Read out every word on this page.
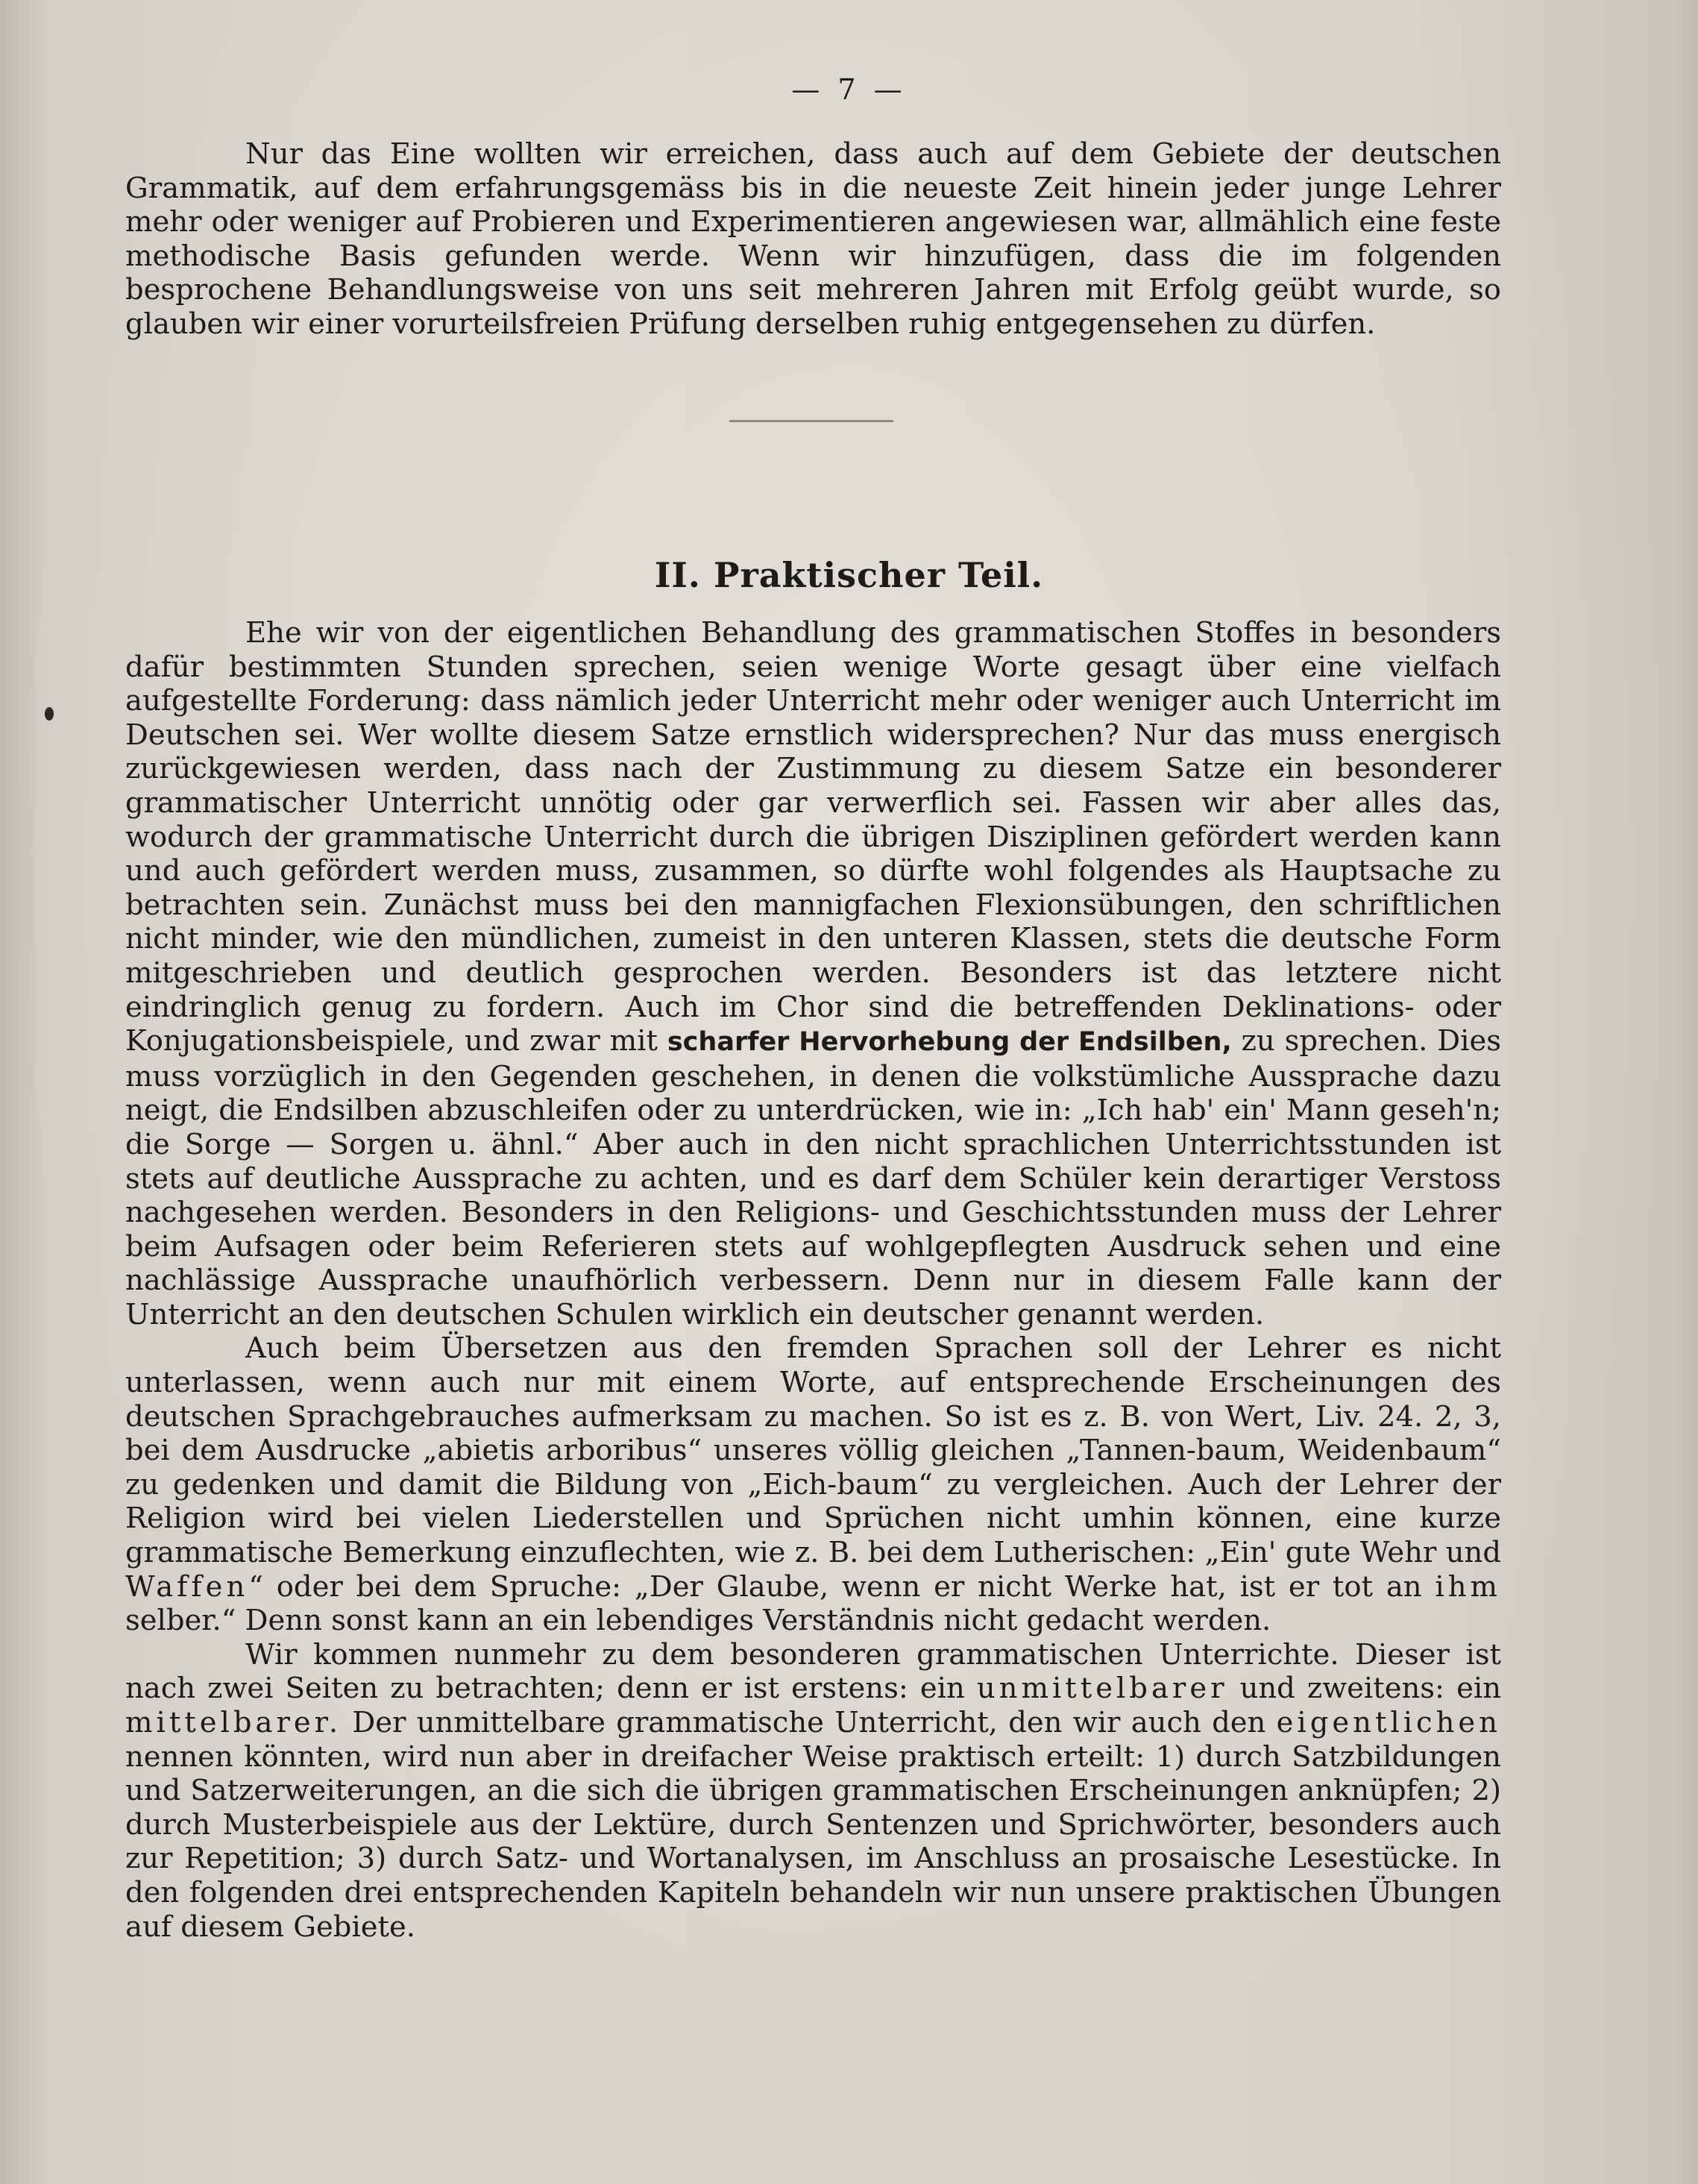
— 7 —

Nur das Eine wollten wir erreichen, dass auch auf dem Gebiete der deutschen Grammatik, auf dem erfahrungsgemäss bis in die neueste Zeit hinein jeder junge Lehrer mehr oder weniger auf Probieren und Experimentieren angewiesen war, allmählich eine feste methodische Basis gefunden werde. Wenn wir hinzufügen, dass die im folgenden besprochene Behandlungsweise von uns seit mehreren Jahren mit Erfolg geübt wurde, so glauben wir einer vorurteilsfreien Prüfung derselben ruhig entgegensehen zu dürfen.

II. Praktischer Teil.

Ehe wir von der eigentlichen Behandlung des grammatischen Stoffes in besonders dafür bestimmten Stunden sprechen, seien wenige Worte gesagt über eine vielfach aufgestellte Forderung: dass nämlich jeder Unterricht mehr oder weniger auch Unterricht im Deutschen sei. Wer wollte diesem Satze ernstlich widersprechen? Nur das muss energisch zurückgewiesen werden, dass nach der Zustimmung zu diesem Satze ein besonderer grammatischer Unterricht unnötig oder gar verwerflich sei. Fassen wir aber alles das, wodurch der grammatische Unterricht durch die übrigen Disziplinen gefördert werden kann und auch gefördert werden muss, zusammen, so dürfte wohl folgendes als Hauptsache zu betrachten sein. Zunächst muss bei den mannigfachen Flexionsübungen, den schriftlichen nicht minder, wie den mündlichen, zumeist in den unteren Klassen, stets die deutsche Form mitgeschrieben und deutlich gesprochen werden. Besonders ist das letztere nicht eindringlich genug zu fordern. Auch im Chor sind die betreffenden Deklinations- oder Konjugationsbeispiele, und zwar mit scharfer Hervorhebung der Endsilben, zu sprechen. Dies muss vorzüglich in den Gegenden geschehen, in denen die volkstümliche Aussprache dazu neigt, die Endsilben abzuschleifen oder zu unterdrücken, wie in: „Ich hab' ein' Mann geseh'n; die Sorge — Sorgen u. ähnl.“ Aber auch in den nicht sprachlichen Unterrichtsstunden ist stets auf deutliche Aussprache zu achten, und es darf dem Schüler kein derartiger Verstoss nachgesehen werden. Besonders in den Religions- und Geschichtsstunden muss der Lehrer beim Aufsagen oder beim Referieren stets auf wohlgepflegten Ausdruck sehen und eine nachlässige Aussprache unaufhörlich verbessern. Denn nur in diesem Falle kann der Unterricht an den deutschen Schulen wirklich ein deutscher genannt werden.

Auch beim Übersetzen aus den fremden Sprachen soll der Lehrer es nicht unterlassen, wenn auch nur mit einem Worte, auf entsprechende Erscheinungen des deutschen Sprachgebrauches aufmerksam zu machen. So ist es z. B. von Wert, Liv. 24. 2, 3, bei dem Ausdrucke „abietis arboribus“ unseres völlig gleichen „Tannen-baum, Weidenbaum“ zu gedenken und damit die Bildung von „Eich-baum“ zu vergleichen. Auch der Lehrer der Religion wird bei vielen Liederstellen und Sprüchen nicht umhin können, eine kurze grammatische Bemerkung einzuflechten, wie z. B. bei dem Lutherischen: „Ein' gute Wehr und Waffen“ oder bei dem Spruche: „Der Glaube, wenn er nicht Werke hat, ist er tot an ihm selber.“ Denn sonst kann an ein lebendiges Verständnis nicht gedacht werden.

Wir kommen nunmehr zu dem besonderen grammatischen Unterrichte. Dieser ist nach zwei Seiten zu betrachten; denn er ist erstens: ein unmittelbarer und zweitens: ein mittelbarer. Der unmittelbare grammatische Unterricht, den wir auch den eigentlichen nennen könnten, wird nun aber in dreifacher Weise praktisch erteilt: 1) durch Satzbildungen und Satzerweiterungen, an die sich die übrigen grammatischen Erscheinungen anknüpfen; 2) durch Musterbeispiele aus der Lektüre, durch Sentenzen und Sprichwörter, besonders auch zur Repetition; 3) durch Satz- und Wortanalysen, im Anschluss an prosaische Lesestücke. In den folgenden drei entsprechenden Kapiteln behandeln wir nun unsere praktischen Übungen auf diesem Gebiete.
